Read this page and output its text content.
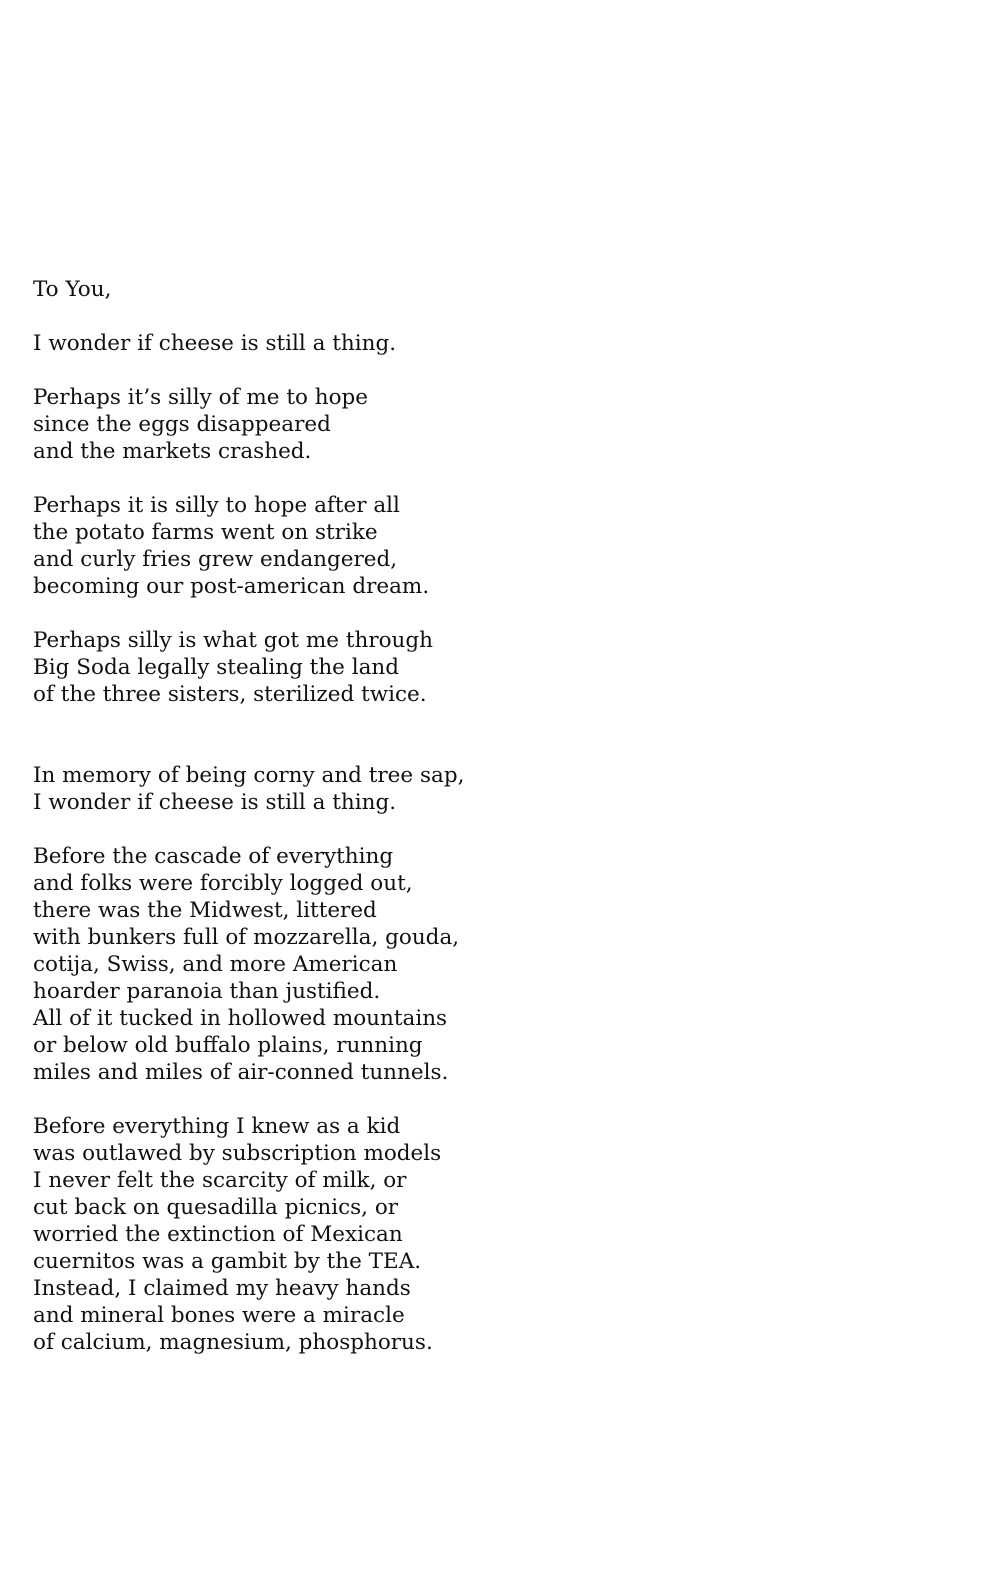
To You,
I wonder if cheese is still a thing.
Perhaps it’s silly of me to hope
since the eggs disappeared
and the markets crashed.
Perhaps it is silly to hope after all
the potato farms went on strike
and curly fries grew endangered,
becoming our post-american dream.
Perhaps silly is what got me through
Big Soda legally stealing the land
of the three sisters, sterilized twice.
In memory of being corny and tree sap,
I wonder if cheese is still a thing.
Before the cascade of everything
and folks were forcibly logged out,
there was the Midwest, littered
with bunkers full of mozzarella, gouda,
cotija, Swiss, and more American
hoarder paranoia than justified.
All of it tucked in hollowed mountains
or below old buffalo plains, running
miles and miles of air-conned tunnels.
Before everything I knew as a kid
was outlawed by subscription models
I never felt the scarcity of milk, or
cut back on quesadilla picnics, or
worried the extinction of Mexican
cuernitos was a gambit by the TEA.
Instead, I claimed my heavy hands
and mineral bones were a miracle
of calcium, magnesium, phosphorus.
